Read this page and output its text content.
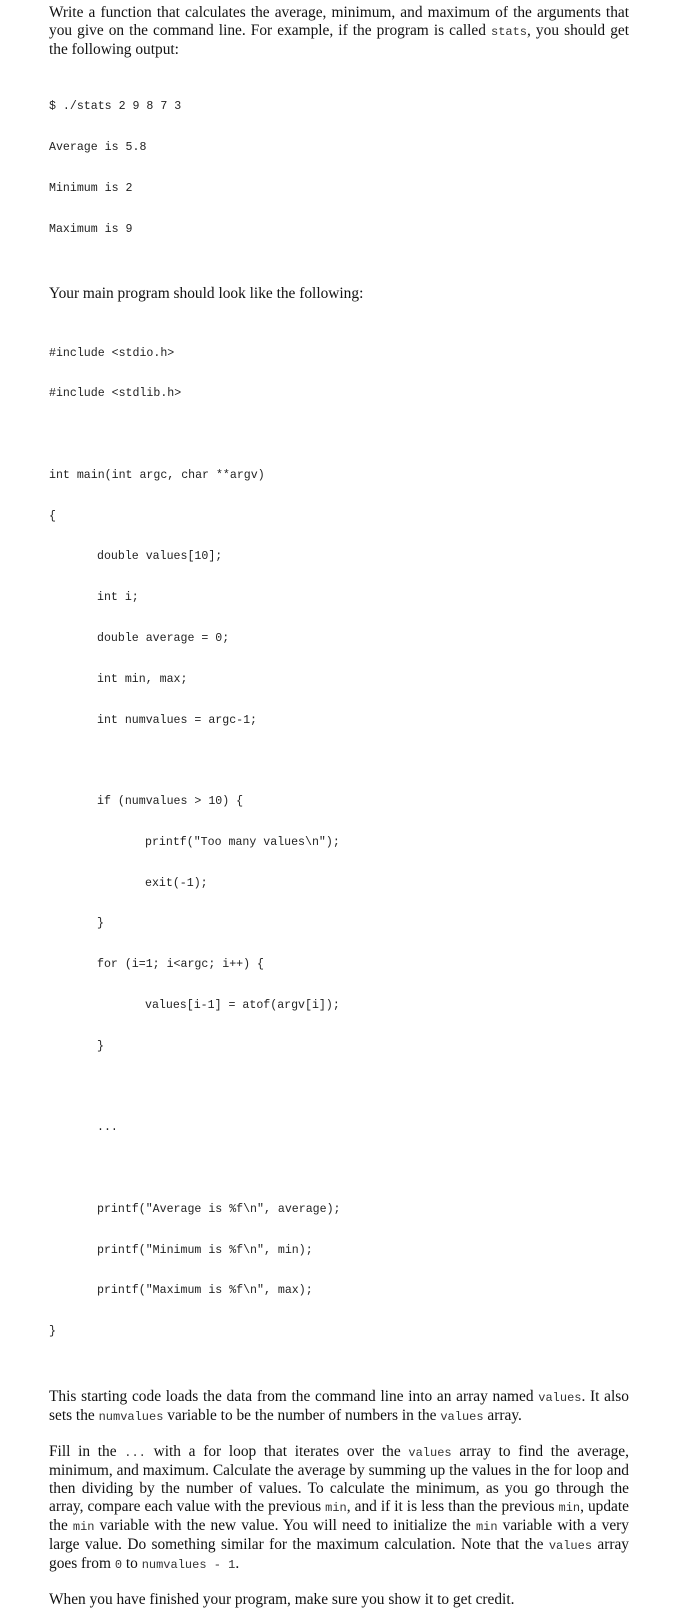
Write a function that calculates the average, minimum, and maximum of the arguments that you give on the command line. For example, if the program is called stats, you should get the following output:

$ ./stats 2 9 8 7 3

Average is 5.8

Minimum is 2

Maximum is 9

Your main program should look like the following:

#include <stdio.h>

#include <stdlib.h>

int main(int argc, char **argv)

{

double values[10];

int i;

double average = 0;

int min, max;

int numvalues = argc-1;

if (numvalues > 10) {

printf("Too many values\n");

exit(-1);

}

for (i=1; i<argc; i++) {

values[i-1] = atof(argv[i]);

}

...

printf("Average is %f\n", average);

printf("Minimum is %f\n", min);

printf("Maximum is %f\n", max);

}

This starting code loads the data from the command line into an array named values. It also sets the numvalues variable to be the number of numbers in the values array.

Fill in the ... with a for loop that iterates over the values array to find the average, minimum, and maximum. Calculate the average by summing up the values in the for loop and then dividing by the number of values. To calculate the minimum, as you go through the array, compare each value with the previous min, and if it is less than the previous min, update the min variable with the new value. You will need to initialize the min variable with a very large value. Do something similar for the maximum calculation. Note that the values array goes from 0 to numvalues - 1.

When you have finished your program, make sure you show it to get credit.
